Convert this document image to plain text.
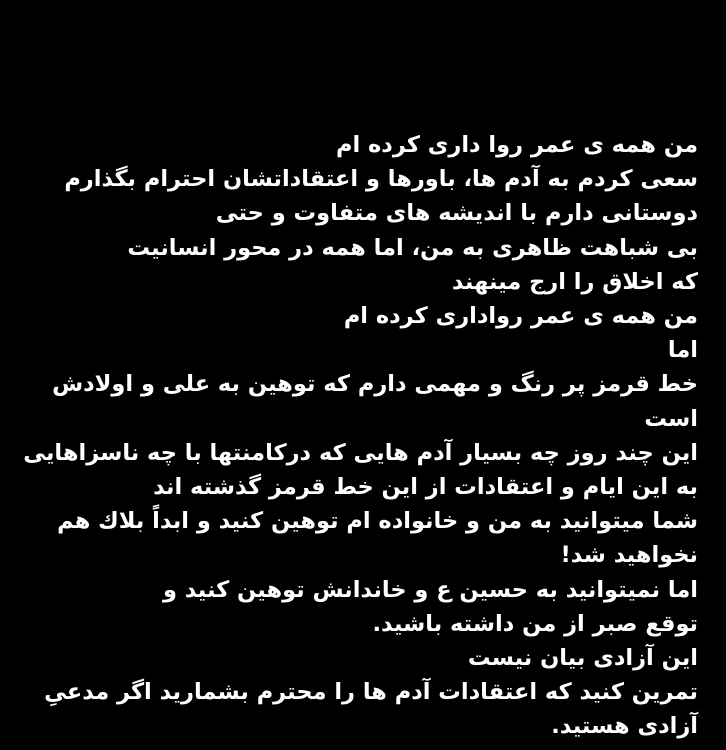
من همه ی عمر روا داری کرده ام
سعی کردم به آدم ها، باورها و اعتقاداتشان احترام بگذارم
دوستانی دارم با اندیشه های متفاوت و حتی
بی شباهت ظاهری به من، اما همه در محور انسانیت
که اخلاق را ارج مینهند
من همه ی عمر رواداری کرده ام
اما
خط قرمز پر رنگ و مهمی دارم که توهین به علی و اولادش
است
این چند روز چه بسیار آدم هایی که درکامنتها با چه ناسزاهایی
به این ایام و اعتقادات از این خط قرمز گذشته اند
شما میتوانید به من و خانواده ام توهین کنید و ابداً بلاك هم
نخواهید شد!
اما نمیتوانید به حسین ع و خاندانش توهین کنید و
توقع صبر از من داشته باشید.
این آزادی بیان نیست
تمرین کنید که اعتقادات آدم ها را محترم بشمارید اگر مدعیِ
آزادی هستید.
